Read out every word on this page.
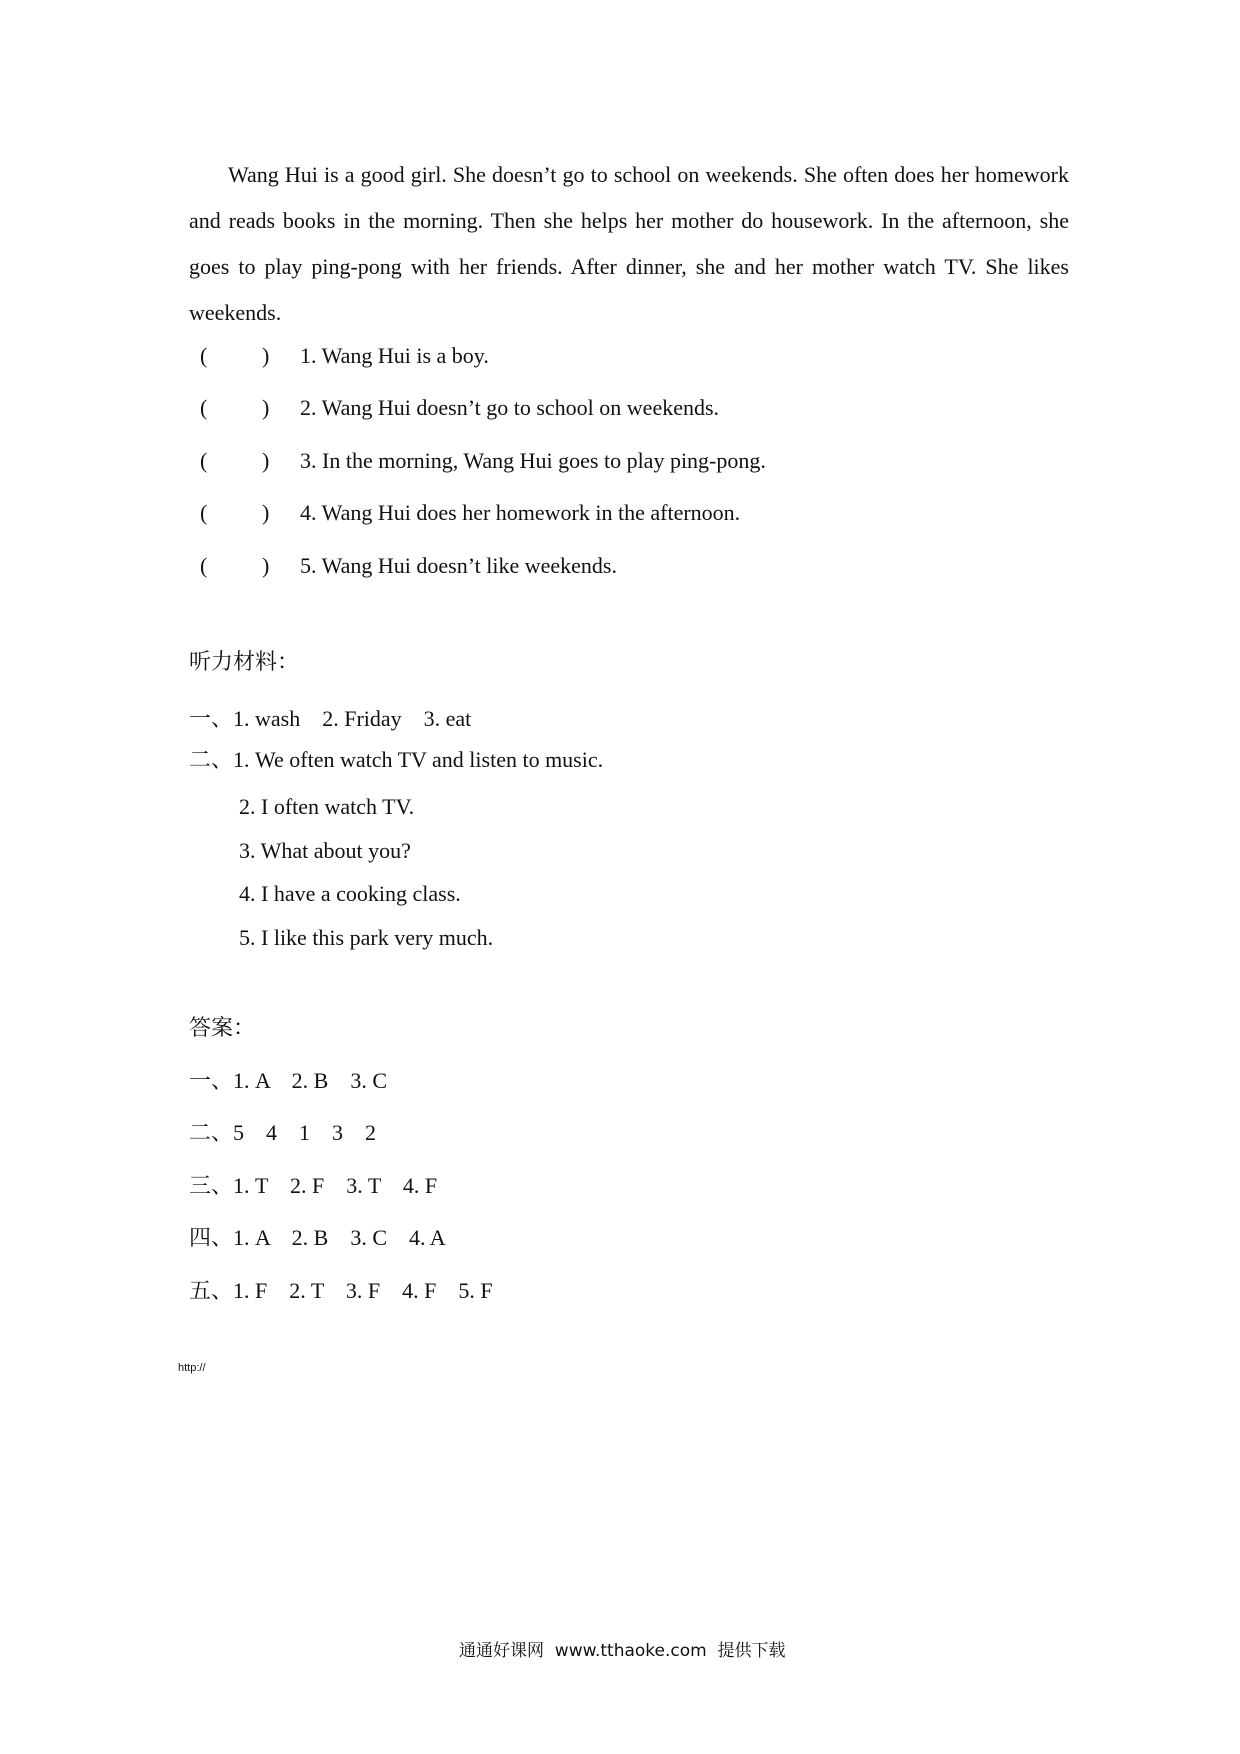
Wang Hui is a good girl. She doesn’t go to school on weekends. She often does her homework and reads books in the morning. Then she helps her mother do housework. In the afternoon, she goes to play ping-pong with her friends. After dinner, she and her mother watch TV. She likes weekends.
( ) 1. Wang Hui is a boy.
( ) 2. Wang Hui doesn’t go to school on weekends.
( ) 3. In the morning, Wang Hui goes to play ping-pong.
( ) 4. Wang Hui does her homework in the afternoon.
( ) 5. Wang Hui doesn’t like weekends.
听力材料：
一、1. wash    2. Friday    3. eat
二、1. We often watch TV and listen to music.
2. I often watch TV.
3. What about you?
4. I have a cooking class.
5. I like this park very much.
答案：
一、1. A    2. B    3. C
二、5    4    1    3    2
三、1. T    2. F    3. T    4. F
四、1. A    2. B    3. C    4. A
五、1. F    2. T    3. F    4. F    5. F
http://
通通好课网  www.tthaoke.com  提供下载
